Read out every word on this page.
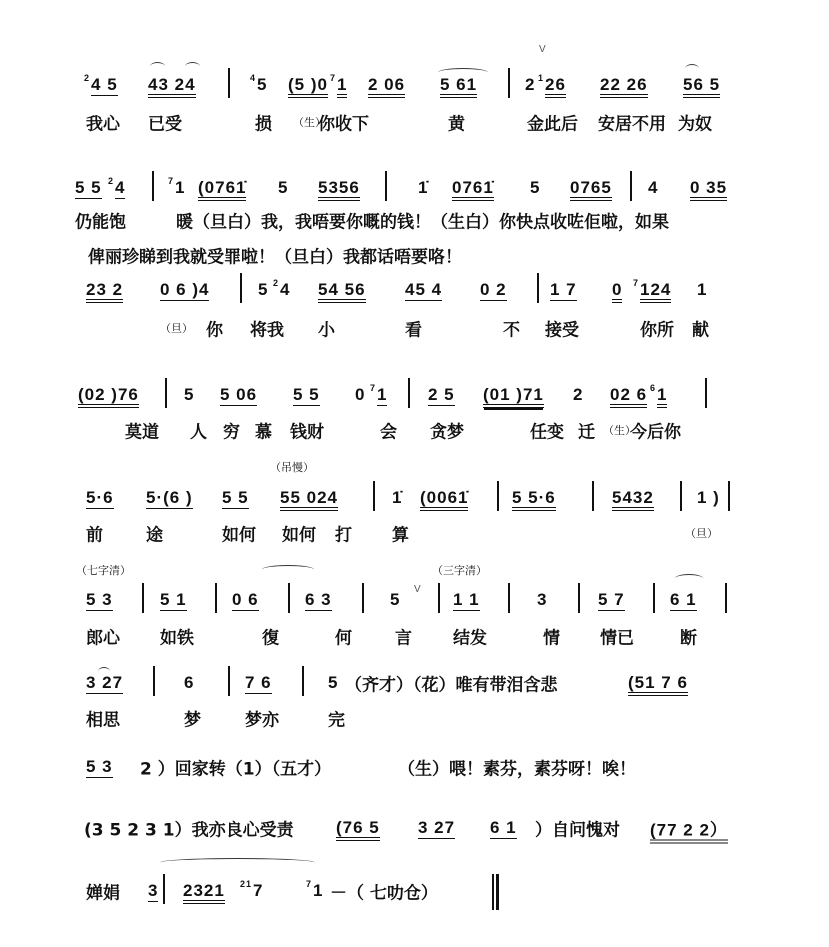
$^2$4 5 43 24	$^4$5 (5 )0 $^7$1 2 06 5 61	2 $^1$26 22 26 56 5
我心 已受	损 （生）
你收下	黄	金此后 安居不用 为奴
5 5 $^2$4	$^7$1 (0761̇ 5 5356	1̇ 0761̇ 5 0765 4 0 35
仍能饱	暖（旦白）我，我唔要你嘅的钱！（生白）你快点收咗佢啦，如果
俾丽珍睇到我就受罪啦！（旦白）我都话唔要咯！
23 2 0 6 )4	5 $^2$4 54 56 45 4 0 2	1 7 0 $^7$124 1
（旦） 你 将我 小	看	不 接受	你所 献
(02 )76	5 5 06 5 5 0 $^7$1 2 5 (01 )71 2 02 6 $^6$1
莫道 人 穷 慕 钱财	会 贪梦	任变 迁 （生）
今后你
（吊慢）
5·6 5·(6 ) 5 5 55 024	1̇ (0061̇	5 5·6	5432	1 )
前	途	如何 如何 打 算	（旦）
（七字清）	（三字清）
5 3	5 1	0 6	6 3	5	1 1	3	5 7	6 1
郎心 如铁	復	何	言 结发	情 情已	断
3 27	6	7 6	5 （齐才）（花）唯有带泪含悲	(51 7 6
相思	梦	梦亦	完
5 3 2 ）回家转（1）（五才）	（生）喂！素芬，素芬呀！唉！
(3 5 2 3 1）我亦良心受责 (76 5 3 27 6 1 ）自问愧对 (77 2 2）
婵娟 3 2321 $^{21}$7	$^7$1 －（ 七叻仓）
V
V
